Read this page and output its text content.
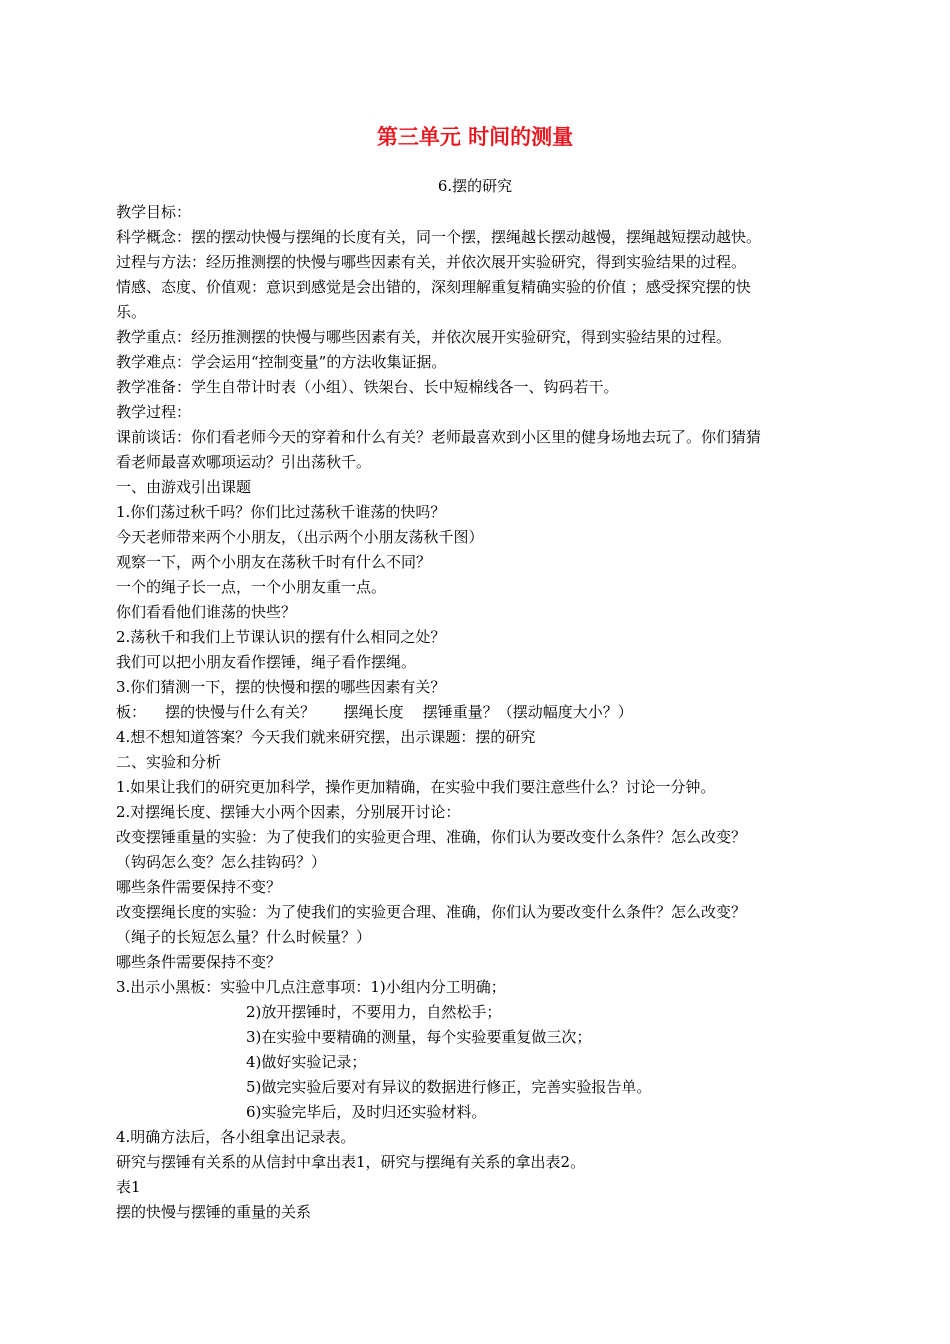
第三单元 时间的测量
6.摆的研究
教学目标：
科学概念：摆的摆动快慢与摆绳的长度有关，同一个摆，摆绳越长摆动越慢，摆绳越短摆动越快。
过程与方法：经历推测摆的快慢与哪些因素有关，并依次展开实验研究，得到实验结果的过程。
情感、态度、价值观：意识到感觉是会出错的，深刻理解重复精确实验的价值 ；感受探究摆的快
乐。
教学重点：经历推测摆的快慢与哪些因素有关，并依次展开实验研究，得到实验结果的过程。
教学难点：学会运用“控制变量”的方法收集证据。
教学准备：学生自带计时表（小组）、铁架台、长中短棉线各一、钩码若干。
教学过程：
课前谈话：你们看老师今天的穿着和什么有关？老师最喜欢到小区里的健身场地去玩了。你们猜猜
看老师最喜欢哪项运动？引出荡秋千。
一、由游戏引出课题
1.你们荡过秋千吗？你们比过荡秋千谁荡的快吗？
今天老师带来两个小朋友，（出示两个小朋友荡秋千图）
观察一下，两个小朋友在荡秋千时有什么不同？
一个的绳子长一点，一个小朋友重一点。
你们看看他们谁荡的快些？
2.荡秋千和我们上节课认识的摆有什么相同之处？
我们可以把小朋友看作摆锤，绳子看作摆绳。
3.你们猜测一下，摆的快慢和摆的哪些因素有关？
板：    摆的快慢与什么有关？      摆绳长度    摆锤重量？（摆动幅度大小？）
4.想不想知道答案？今天我们就来研究摆，出示课题：摆的研究
二、实验和分析
1.如果让我们的研究更加科学，操作更加精确，在实验中我们要注意些什么？讨论一分钟。
2.对摆绳长度、摆锤大小两个因素，分别展开讨论：
改变摆锤重量的实验：为了使我们的实验更合理、准确，你们认为要改变什么条件？怎么改变？
（钩码怎么变？怎么挂钩码？）
哪些条件需要保持不变？
改变摆绳长度的实验：为了使我们的实验更合理、准确，你们认为要改变什么条件？怎么改变？
（绳子的长短怎么量？什么时候量？）
哪些条件需要保持不变？
3.出示小黑板：实验中几点注意事项：1)小组内分工明确；
2)放开摆锤时，不要用力，自然松手；
3)在实验中要精确的测量，每个实验要重复做三次；
4)做好实验记录；
5)做完实验后要对有异议的数据进行修正，完善实验报告单。
6)实验完毕后，及时归还实验材料。
4.明确方法后，各小组拿出记录表。
研究与摆锤有关系的从信封中拿出表1，研究与摆绳有关系的拿出表2。
表1
摆的快慢与摆锤的重量的关系
